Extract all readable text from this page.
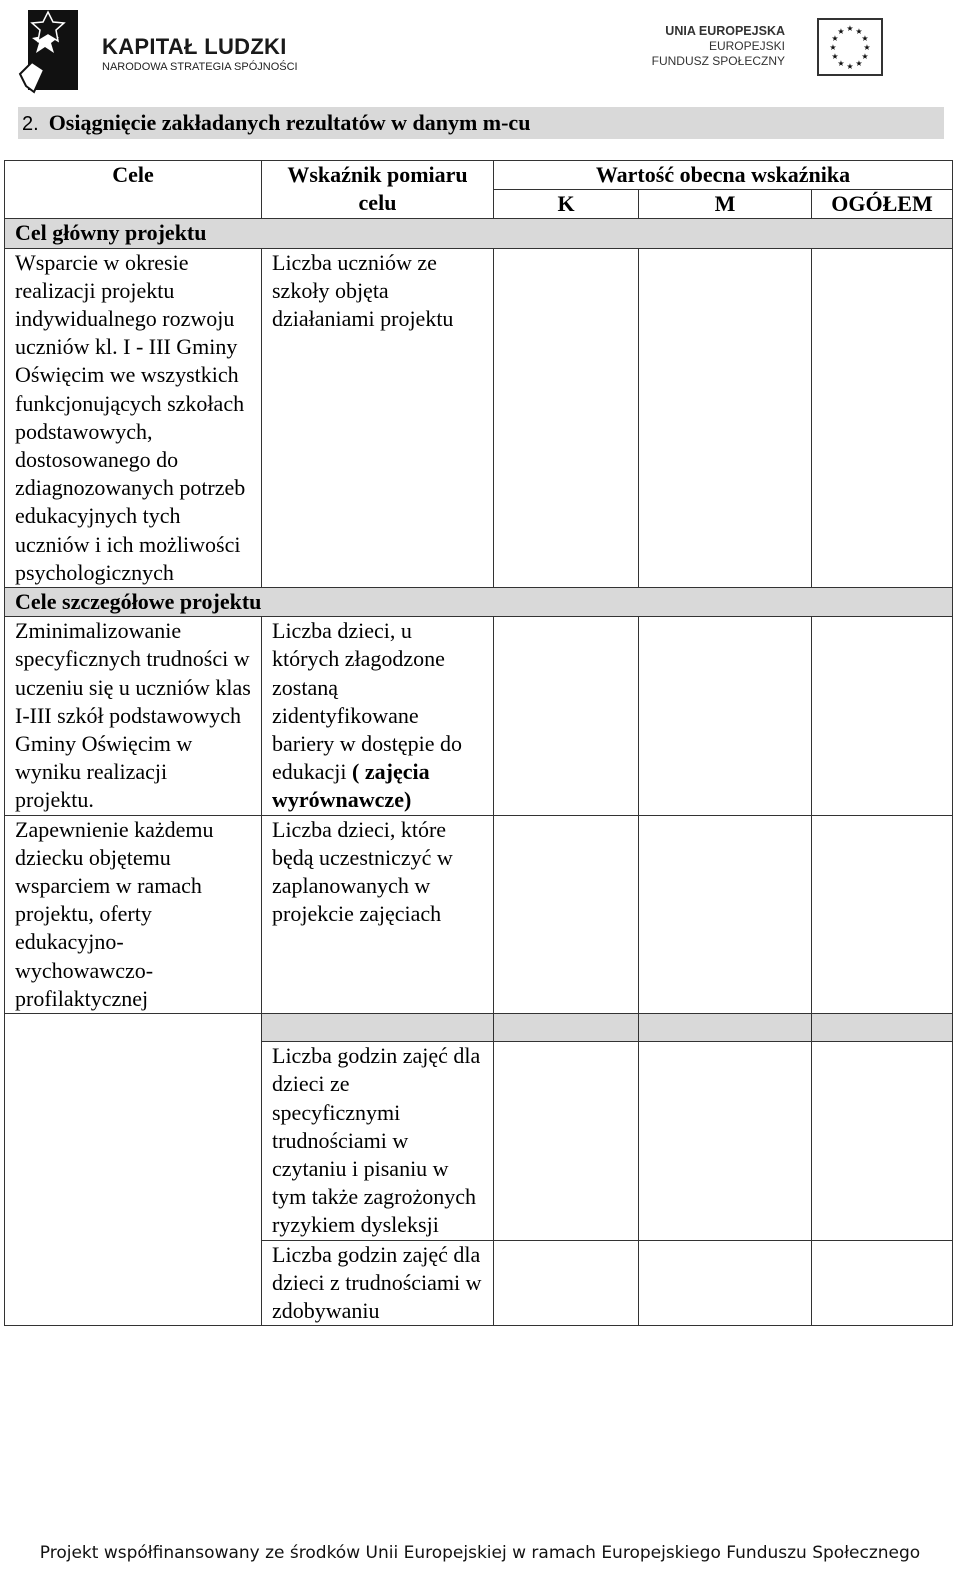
KAPITAŁ LUDZKI
NARODOWA STRATEGIA SPÓJNOŚCI
UNIA EUROPEJSKA
EUROPEJSKI
FUNDUSZ SPOŁECZNY
★ ★
★
★
★
★
★
★
★
★
★
★
2. Osiągnięcie zakładanych rezultatów w danym m-cu
Cele	Wskaźnik pomiaru celu	Wartość obecna wskaźnika		
		K	M	OGÓŁEM
Cel główny projektu				
Wsparcie w okresie realizacji projektu indywidualnego rozwoju uczniów kl. I - III Gminy Oświęcim we wszystkich funkcjonujących szkołach podstawowych, dostosowanego do zdiagnozowanych potrzeb edukacyjnych tych uczniów i ich możliwości psychologicznych	Liczba uczniów ze szkoły objęta działaniami projektu			
Cele szczegółowe projektu				
Zminimalizowanie specyficznych trudności w uczeniu się u uczniów klas I-III szkół podstawowych Gminy Oświęcim w wyniku realizacji projektu.	Liczba dzieci, u których złagodzone zostaną zidentyfikowane bariery w dostępie do edukacji ( zajęcia wyrównawcze)			
Zapewnienie każdemu dziecku objętemu wsparciem w ramach projektu, oferty edukacyjno-wychowawczo-profilaktycznej	Liczba dzieci, które będą uczestniczyć w zaplanowanych w projekcie zajęciach			

	Liczba godzin zajęć dla dzieci ze specyficznymi trudnościami w czytaniu i pisaniu w tym także zagrożonych ryzykiem dysleksji			
	Liczba godzin zajęć dla dzieci z trudnościami w zdobywaniu			
Projekt współfinansowany ze środków Unii Europejskiej w ramach Europejskiego Funduszu Społecznego
